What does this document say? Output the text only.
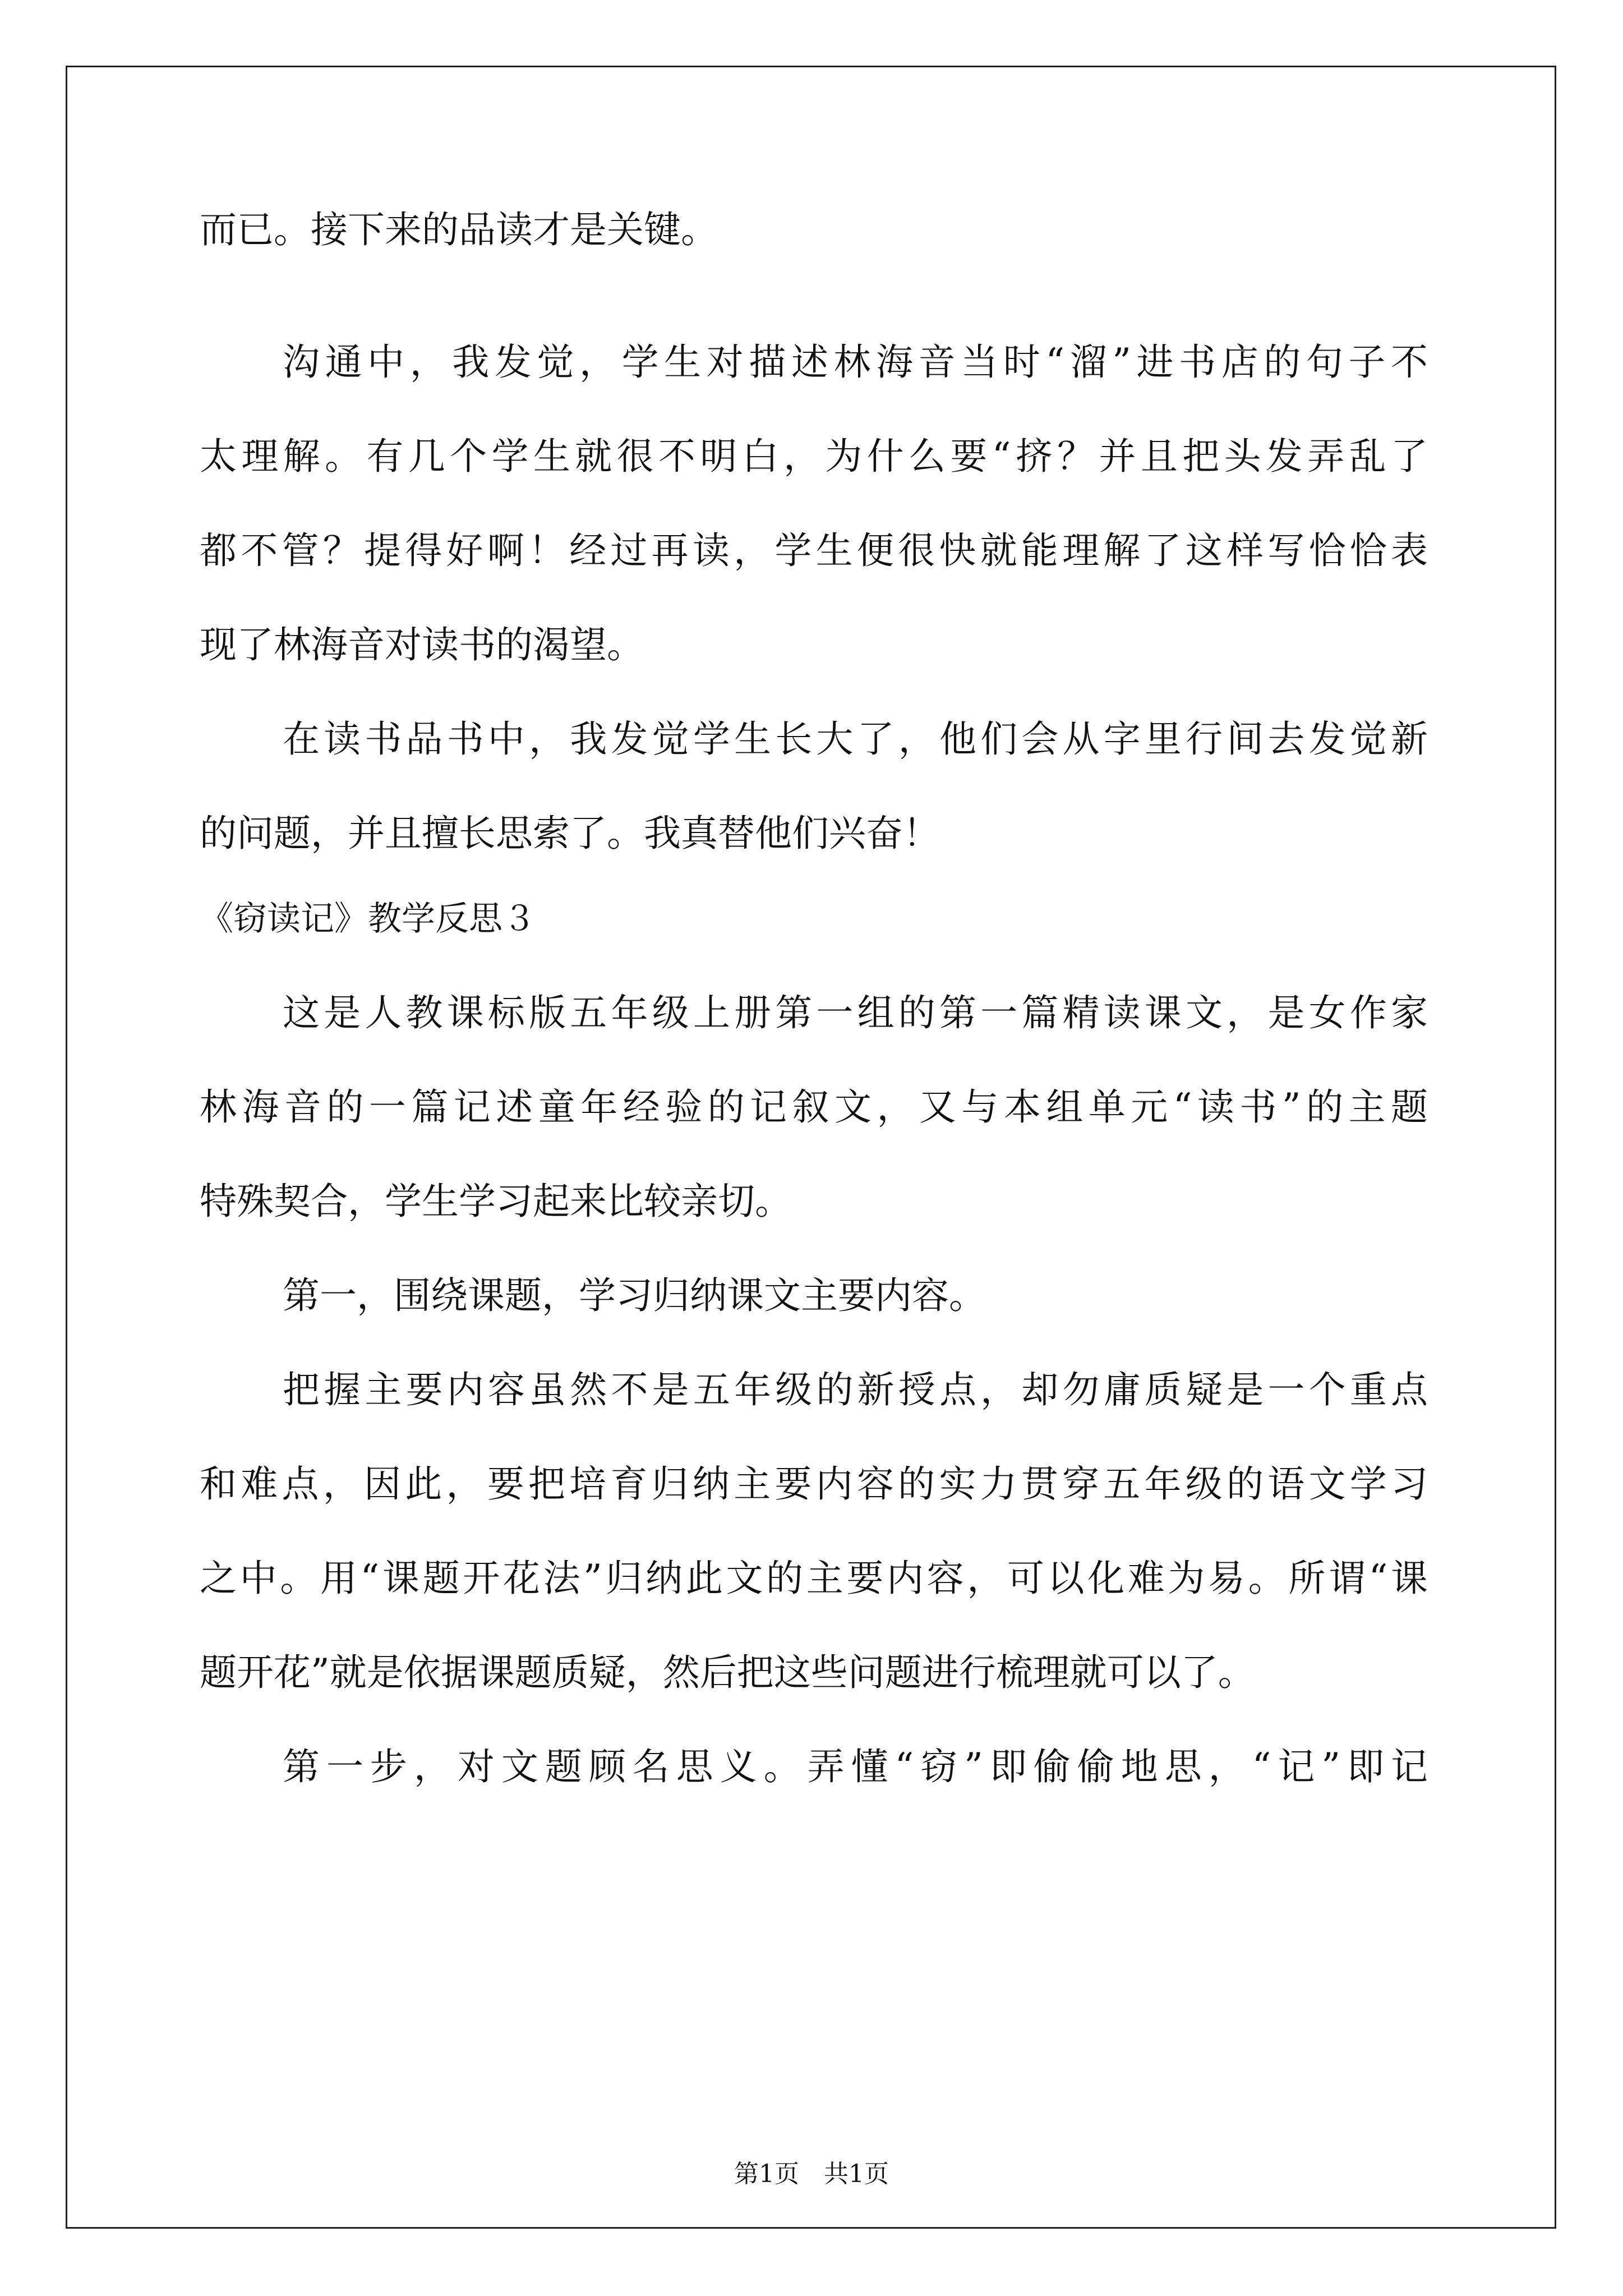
而已。接下来的品读才是关键。
沟通中，我发觉，学生对描述林海音当时“溜”进书店的句子不
太理解。有几个学生就很不明白，为什么要“挤？并且把头发弄乱了
都不管？提得好啊！经过再读，学生便很快就能理解了这样写恰恰表
现了林海音对读书的渴望。
在读书品书中，我发觉学生长大了，他们会从字里行间去发觉新
的问题，并且擅长思索了。我真替他们兴奋！
《窃读记》教学反思３
这是人教课标版五年级上册第一组的第一篇精读课文，是女作家
林海音的一篇记述童年经验的记叙文，又与本组单元“读书”的主题
特殊契合，学生学习起来比较亲切。
第一，围绕课题，学习归纳课文主要内容。
把握主要内容虽然不是五年级的新授点，却勿庸质疑是一个重点
和难点，因此，要把培育归纳主要内容的实力贯穿五年级的语文学习
之中。用“课题开花法”归纳此文的主要内容，可以化难为易。所谓“课
题开花”就是依据课题质疑，然后把这些问题进行梳理就可以了。
第一步，对文题顾名思义。弄懂“窃”即偷偷地思，“记”即记
第1页　共1页
